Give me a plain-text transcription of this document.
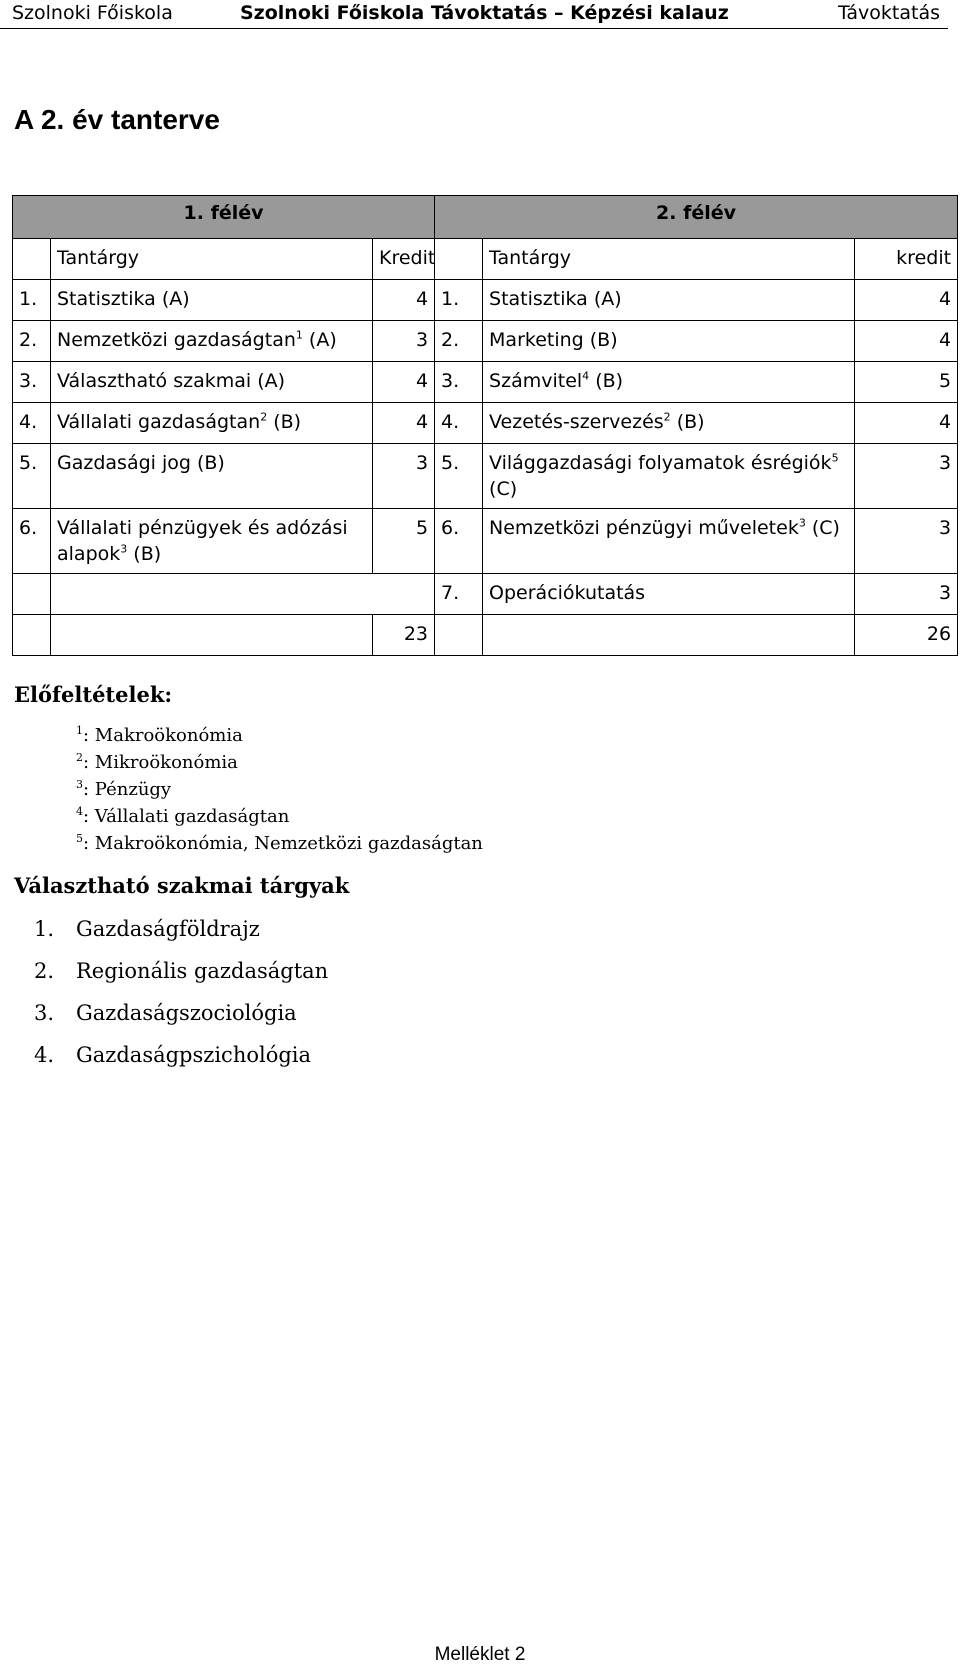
Szolnoki Főiskola	Szolnoki Főiskola Távoktatás – Képzési kalauz	Távoktatás
A 2. év tanterve
1. félév			2. félév		
	Tantárgy	Kredit		Tantárgy	kredit
1.	Statisztika (A)	4	1.	Statisztika (A)	4
2.	Nemzetközi gazdaságtan$^1$ (A)	3	2.	Marketing (B)	4
3.	Választható szakmai (A)	4	3.	Számvitel$^4$ (B)	5
4.	Vállalati gazdaságtan$^2$ (B)	4	4.	Vezetés-szervezés$^2$ (B)	4
5.	Gazdasági jog (B)	3	5.	Világgazdasági folyamatok ésrégiók$^5$ (C)	3
6.	Vállalati pénzügyek és adózási alapok$^3$ (B)	5	6.	Nemzetközi pénzügyi műveletek$^3$ (C)	3
			7.	Operációkutatás	3
		23			26
Előfeltételek:
$^1$: Makroökonómia
$^2$: Mikroökonómia
$^3$: Pénzügy
$^4$: Vállalati gazdaságtan
$^5$: Makroökonómia, Nemzetközi gazdaságtan
Választható szakmai tárgyak
1. Gazdaságföldrajz
2. Regionális gazdaságtan
3. Gazdaságszociológia
4. Gazdaságpszichológia
Melléklet 2
